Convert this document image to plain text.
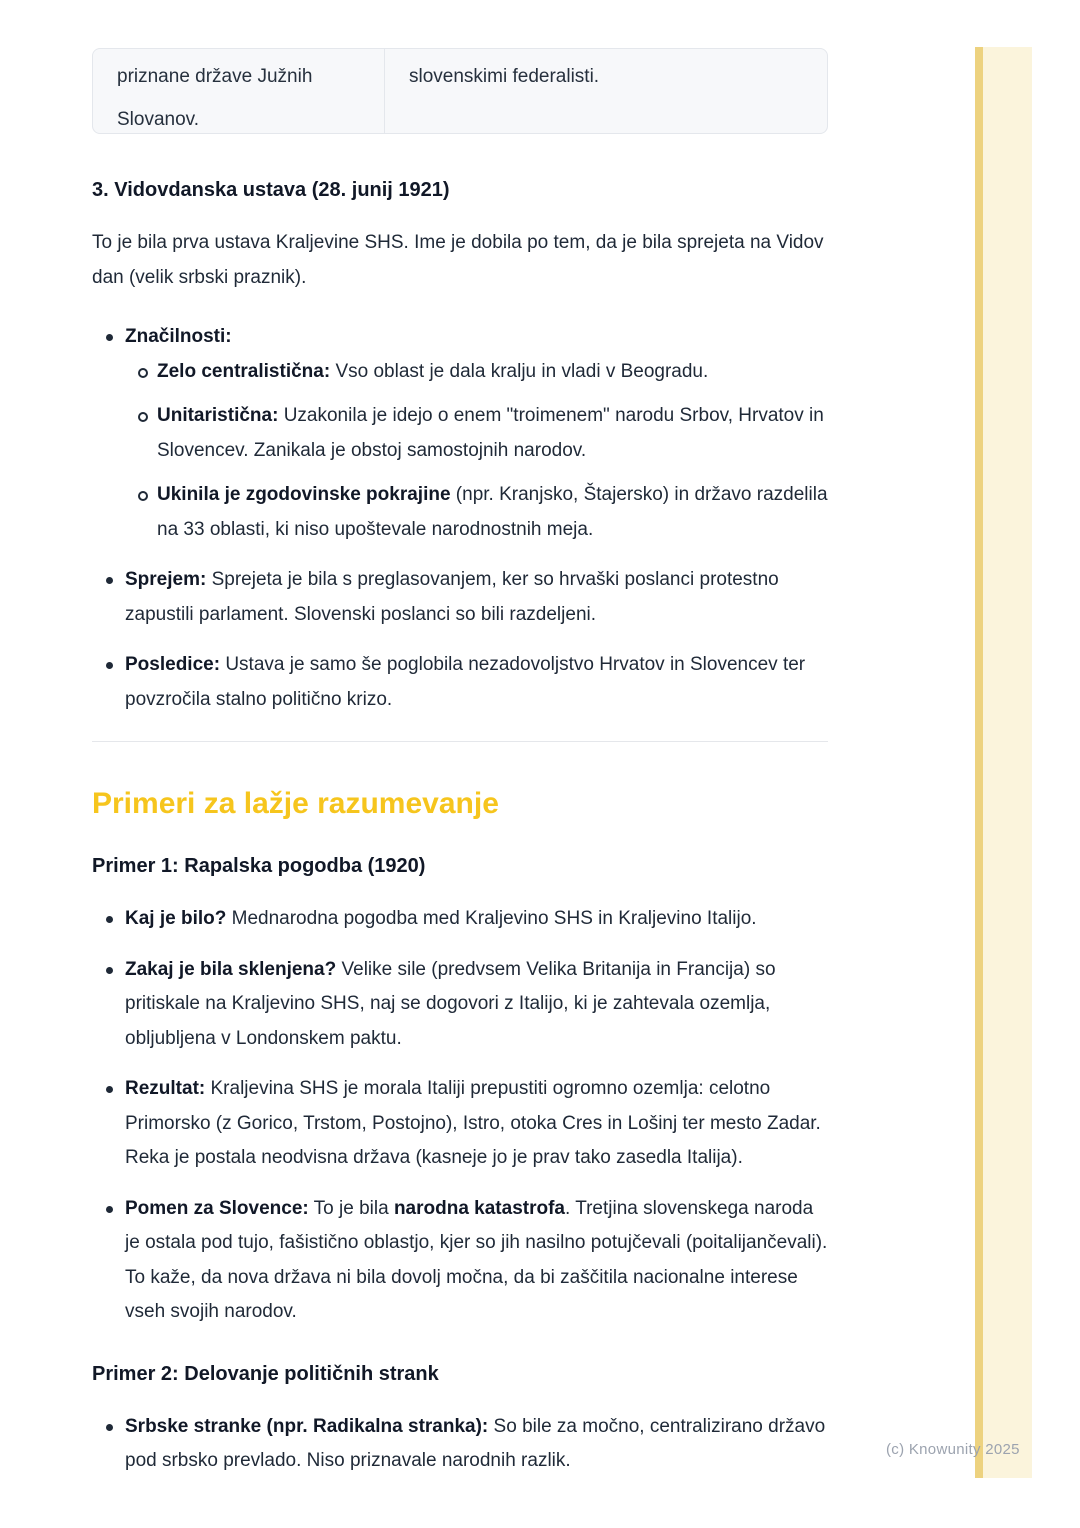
priznane države Južnih Slovanov.
slovenskimi federalisti.
3. Vidovdanska ustava (28. junij 1921)

To je bila prva ustava Kraljevine SHS. Ime je dobila po tem, da je bila sprejeta na Vidov dan (velik srbski praznik).

Značilnosti:
Zelo centralistična: Vso oblast je dala kralju in vladi v Beogradu.
Unitaristična: Uzakonila je idejo o enem "troimenem" narodu Srbov, Hrvatov in Slovencev. Zanikala je obstoj samostojnih narodov.
Ukinila je zgodovinske pokrajine (npr. Kranjsko, Štajersko) in državo razdelila na 33 oblasti, ki niso upoštevale narodnostnih meja.
Sprejem: Sprejeta je bila s preglasovanjem, ker so hrvaški poslanci protestno zapustili parlament. Slovenski poslanci so bili razdeljeni.
Posledice: Ustava je samo še poglobila nezadovoljstvo Hrvatov in Slovencev ter povzročila stalno politično krizo.
Primeri za lažje razumevanje
Primer 1: Rapalska pogodba (1920)
Kaj je bilo? Mednarodna pogodba med Kraljevino SHS in Kraljevino Italijo.
Zakaj je bila sklenjena? Velike sile (predvsem Velika Britanija in Francija) so pritiskale na Kraljevino SHS, naj se dogovori z Italijo, ki je zahtevala ozemlja, obljubljena v Londonskem paktu.
Rezultat: Kraljevina SHS je morala Italiji prepustiti ogromno ozemlja: celotno Primorsko (z Gorico, Trstom, Postojno), Istro, otoka Cres in Lošinj ter mesto Zadar. Reka je postala neodvisna država (kasneje jo je prav tako zasedla Italija).
Pomen za Slovence: To je bila narodna katastrofa. Tretjina slovenskega naroda je ostala pod tujo, fašistično oblastjo, kjer so jih nasilno potujčevali (poitalijančevali). To kaže, da nova država ni bila dovolj močna, da bi zaščitila nacionalne interese vseh svojih narodov.
Primer 2: Delovanje političnih strank
Srbske stranke (npr. Radikalna stranka): So bile za močno, centralizirano državo pod srbsko prevlado. Niso priznavale narodnih razlik.
(c) Knowunity 2025
